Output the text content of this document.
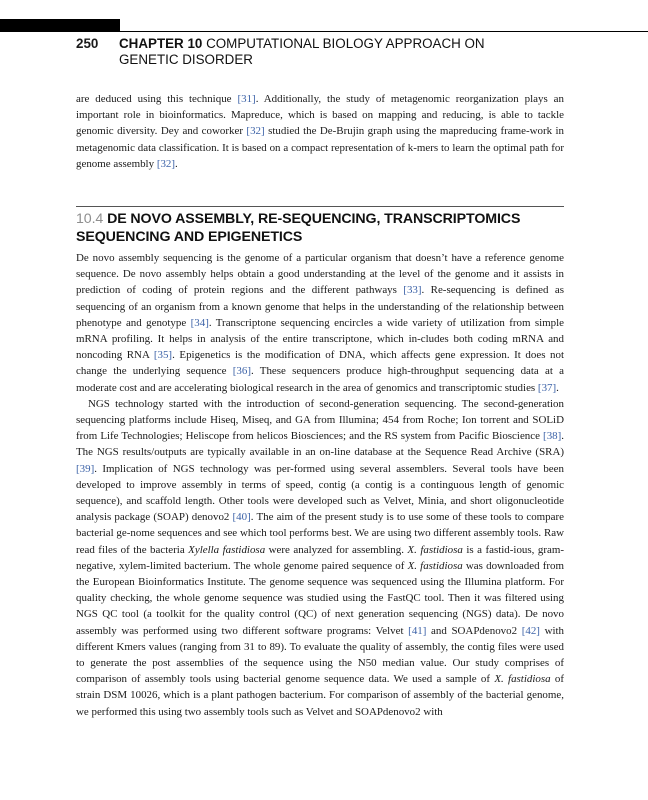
CHAPTER 10 COMPUTATIONAL BIOLOGY APPROACH ON GENETIC DISORDER
250
are deduced using this technique [31]. Additionally, the study of metagenomic reorganization plays an important role in bioinformatics. Mapreduce, which is based on mapping and reducing, is able to tackle genomic diversity. Dey and coworker [32] studied the De-Brujin graph using the mapreducing frame-work in metagenomic data classification. It is based on a compact representation of k-mers to learn the optimal path for genome assembly [32].
10.4 DE NOVO ASSEMBLY, RE-SEQUENCING, TRANSCRIPTOMICS SEQUENCING AND EPIGENETICS

De novo assembly sequencing is the genome of a particular organism that doesn’t have a reference genome sequence. De novo assembly helps obtain a good understanding at the level of the genome and it assists in prediction of coding of protein regions and the different pathways [33]. Re-sequencing is defined as sequencing of an organism from a known genome that helps in the understanding of the relationship between phenotype and genotype [34]. Transcriptone sequencing encircles a wide variety of utilization from simple mRNA profiling. It helps in analysis of the entire transcriptone, which in-cludes both coding mRNA and noncoding RNA [35]. Epigenetics is the modification of DNA, which affects gene expression. It does not change the underlying sequence [36]. These sequencers produce high-throughput sequencing data at a moderate cost and are accelerating biological research in the area of genomics and transcriptomic studies [37].

NGS technology started with the introduction of second-generation sequencing. The second-generation sequencing platforms include Hiseq, Miseq, and GA from Illumina; 454 from Roche; Ion torrent and SOLiD from Life Technologies; Heliscope from helicos Biosciences; and the RS system from Pacific Bioscience [38]. The NGS results/outputs are typically available in an on-line database at the Sequence Read Archive (SRA) [39]. Implication of NGS technology was per-formed using several assemblers. Several tools have been developed to improve assembly in terms of speed, contig (a contig is a continguous length of genomic sequence), and scaffold length. Other tools were developed such as Velvet, Minia, and short oligonucleotide analysis package (SOAP) denovo2 [40]. The aim of the present study is to use some of these tools to compare bacterial ge-nome sequences and see which tool performs best. We are using two different assembly tools. Raw read files of the bacteria Xylella fastidiosa were analyzed for assembling. X. fastidiosa is a fastid-ious, gram-negative, xylem-limited bacterium. The whole genome paired sequence of X. fastidiosa was downloaded from the European Bioinformatics Institute. The genome sequence was sequenced using the Illumina platform. For quality checking, the whole genome sequence was studied using the FastQC tool. Then it was filtered using NGS QC tool (a toolkit for the quality control (QC) of next generation sequencing (NGS) data). De novo assembly was performed using two different software programs: Velvet [41] and SOAPdenovo2 [42] with different Kmers values (ranging from 31 to 89). To evaluate the quality of assembly, the contig files were used to generate the post assemblies of the sequence using the N50 median value. Our study comprises of comparison of assembly tools using bacterial genome sequence data. We used a sample of X. fastidiosa of strain DSM 10026, which is a plant pathogen bacterium. For comparison of assembly of the bacterial genome, we performed this using two assembly tools such as Velvet and SOAPdenovo2 with
